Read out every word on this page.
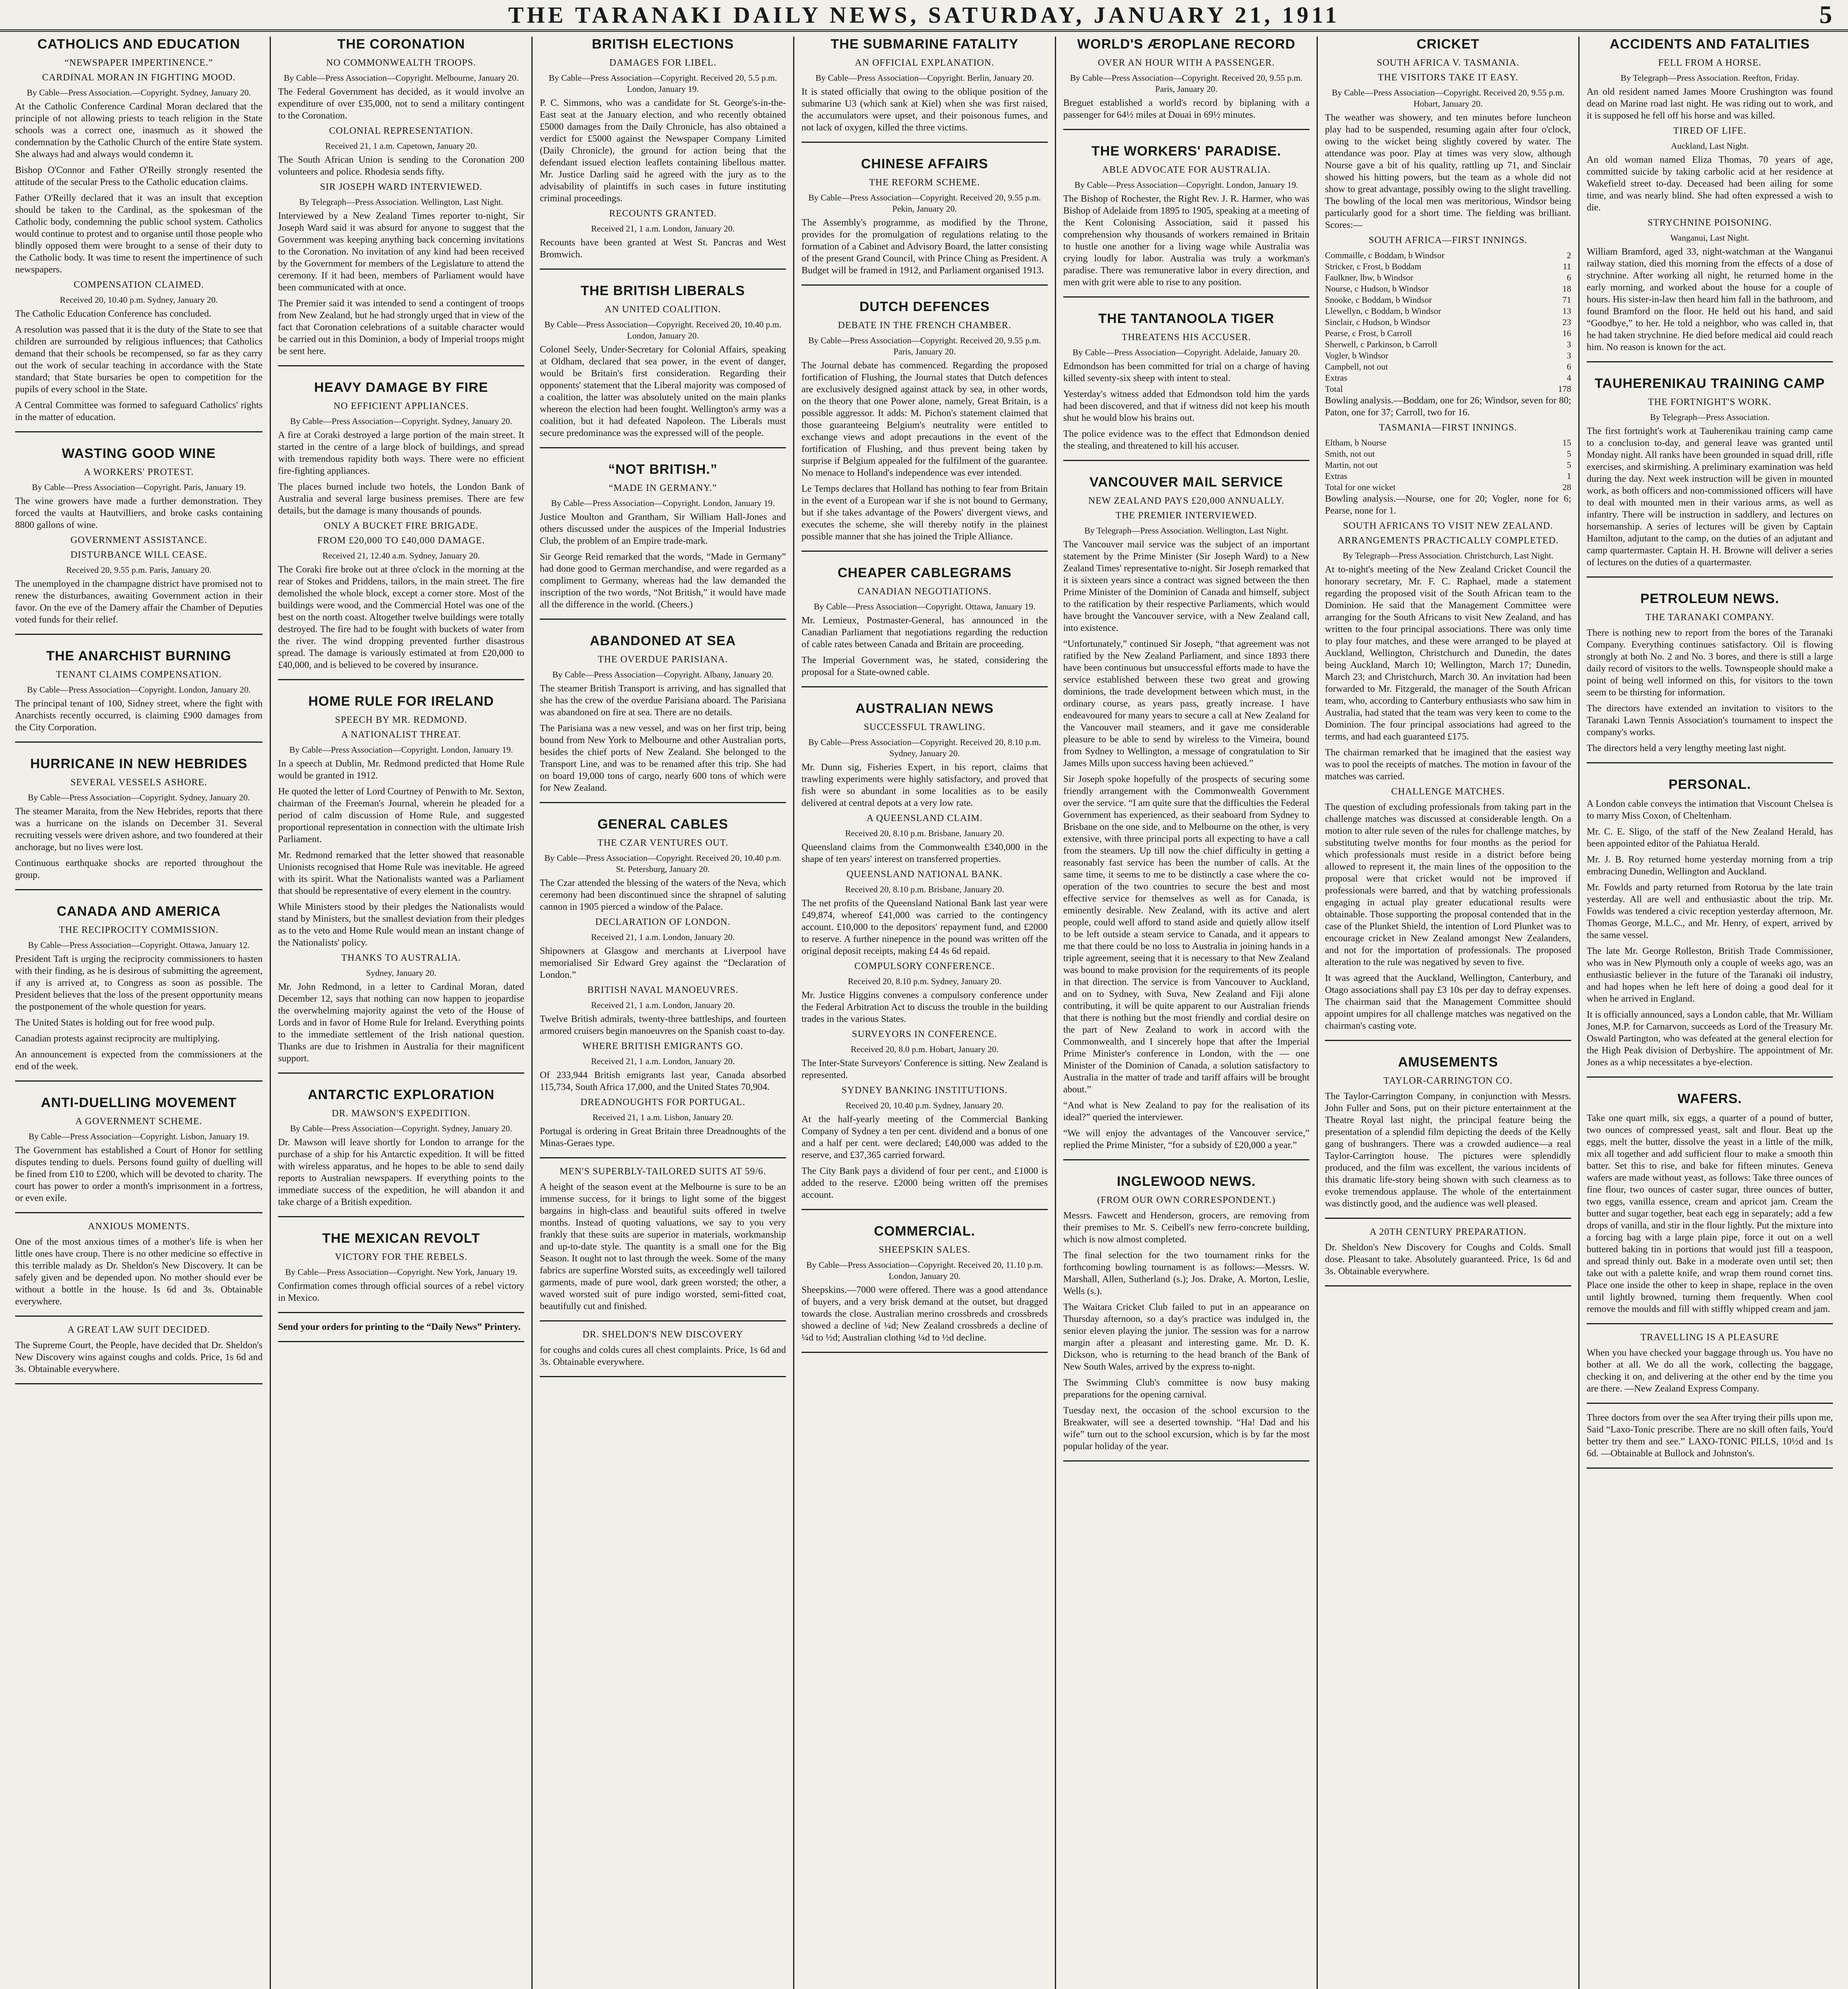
THE TARANAKI DAILY NEWS, SATURDAY, JANUARY 21, 1911	5
CATHOLICS AND EDUCATION
“NEWSPAPER IMPERTINENCE.”
CARDINAL MORAN IN FIGHTING MOOD.
By Cable—Press Association.—Copyright. Sydney, January 20.

At the Catholic Conference Cardinal Moran declared that the principle of not allowing priests to teach religion in the State schools was a correct one, inasmuch as it showed the condemnation by the Catholic Church of the entire State system. She always had and always would condemn it.

Bishop O'Connor and Father O'Reilly strongly resented the attitude of the secular Press to the Catholic education claims.

Father O'Reilly declared that it was an insult that exception should be taken to the Cardinal, as the spokesman of the Catholic body, condemning the public school system. Catholics would continue to protest and to organise until those people who blindly opposed them were brought to a sense of their duty to the Catholic body. It was time to resent the impertinence of such newspapers.

COMPENSATION CLAIMED.
Received 20, 10.40 p.m. Sydney, January 20.

The Catholic Education Conference has concluded.

A resolution was passed that it is the duty of the State to see that children are surrounded by religious influences; that Catholics demand that their schools be recompensed, so far as they carry out the work of secular teaching in accordance with the State standard; that State bursaries be open to competition for the pupils of every school in the State.

A Central Committee was formed to safeguard Catholics' rights in the matter of education.

WASTING GOOD WINE
A WORKERS' PROTEST.
By Cable—Press Association—Copyright. Paris, January 19.

The wine growers have made a further demonstration. They forced the vaults at Hautvilliers, and broke casks containing 8800 gallons of wine.

GOVERNMENT ASSISTANCE.
DISTURBANCE WILL CEASE.
Received 20, 9.55 p.m. Paris, January 20.

The unemployed in the champagne district have promised not to renew the disturbances, awaiting Government action in their favor. On the eve of the Damery affair the Chamber of Deputies voted funds for their relief.

THE ANARCHIST BURNING
TENANT CLAIMS COMPENSATION.
By Cable—Press Association—Copyright. London, January 20.

The principal tenant of 100, Sidney street, where the fight with Anarchists recently occurred, is claiming £900 damages from the City Corporation.

HURRICANE IN NEW HEBRIDES
SEVERAL VESSELS ASHORE.
By Cable—Press Association—Copyright. Sydney, January 20.

The steamer Maraita, from the New Hebrides, reports that there was a hurricane on the islands on December 31. Several recruiting vessels were driven ashore, and two foundered at their anchorage, but no lives were lost.

Continuous earthquake shocks are reported throughout the group.

CANADA AND AMERICA
THE RECIPROCITY COMMISSION.
By Cable—Press Association—Copyright. Ottawa, January 12.

President Taft is urging the reciprocity commissioners to hasten with their finding, as he is desirous of submitting the agreement, if any is arrived at, to Congress as soon as possible. The President believes that the loss of the present opportunity means the postponement of the whole question for years.

The United States is holding out for free wood pulp.

Canadian protests against reciprocity are multiplying.

An announcement is expected from the commissioners at the end of the week.

ANTI-DUELLING MOVEMENT
A GOVERNMENT SCHEME.
By Cable—Press Association—Copyright. Lisbon, January 19.

The Government has established a Court of Honor for settling disputes tending to duels. Persons found guilty of duelling will be fined from £10 to £200, which will be devoted to charity. The court has power to order a month's imprisonment in a fortress, or even exile.

ANXIOUS MOMENTS.

One of the most anxious times of a mother's life is when her little ones have croup. There is no other medicine so effective in this terrible malady as Dr. Sheldon's New Discovery. It can be safely given and be depended upon. No mother should ever be without a bottle in the house. Is 6d and 3s. Obtainable everywhere.

A GREAT LAW SUIT DECIDED.

The Supreme Court, the People, have decided that Dr. Sheldon's New Discovery wins against coughs and colds. Price, 1s 6d and 3s. Obtainable everywhere.

THE CORONATION
NO COMMONWEALTH TROOPS.
By Cable—Press Association—Copyright. Melbourne, January 20.

The Federal Government has decided, as it would involve an expenditure of over £35,000, not to send a military contingent to the Coronation.

COLONIAL REPRESENTATION.
Received 21, 1 a.m. Capetown, January 20.

The South African Union is sending to the Coronation 200 volunteers and police. Rhodesia sends fifty.

SIR JOSEPH WARD INTERVIEWED.
By Telegraph—Press Association. Wellington, Last Night.

Interviewed by a New Zealand Times reporter to-night, Sir Joseph Ward said it was absurd for anyone to suggest that the Government was keeping anything back concerning invitations to the Coronation. No invitation of any kind had been received by the Government for members of the Legislature to attend the ceremony. If it had been, members of Parliament would have been communicated with at once.

The Premier said it was intended to send a contingent of troops from New Zealand, but he had strongly urged that in view of the fact that Coronation celebrations of a suitable character would be carried out in this Dominion, a body of Imperial troops might be sent here.

HEAVY DAMAGE BY FIRE
NO EFFICIENT APPLIANCES.
By Cable—Press Association—Copyright. Sydney, January 20.

A fire at Coraki destroyed a large portion of the main street. It started in the centre of a large block of buildings, and spread with tremendous rapidity both ways. There were no efficient fire-fighting appliances.

The places burned include two hotels, the London Bank of Australia and several large business premises. There are few details, but the damage is many thousands of pounds.

ONLY A BUCKET FIRE BRIGADE.
FROM £20,000 TO £40,000 DAMAGE.
Received 21, 12.40 a.m. Sydney, January 20.

The Coraki fire broke out at three o'clock in the morning at the rear of Stokes and Priddens, tailors, in the main street. The fire demolished the whole block, except a corner store. Most of the buildings were wood, and the Commercial Hotel was one of the best on the north coast. Altogether twelve buildings were totally destroyed. The fire had to be fought with buckets of water from the river. The wind dropping prevented further disastrous spread. The damage is variously estimated at from £20,000 to £40,000, and is believed to be covered by insurance.

HOME RULE FOR IRELAND
SPEECH BY MR. REDMOND.
A NATIONALIST THREAT.
By Cable—Press Association—Copyright. London, January 19.

In a speech at Dublin, Mr. Redmond predicted that Home Rule would be granted in 1912.

He quoted the letter of Lord Courtney of Penwith to Mr. Sexton, chairman of the Freeman's Journal, wherein he pleaded for a period of calm discussion of Home Rule, and suggested proportional representation in connection with the ultimate Irish Parliament.

Mr. Redmond remarked that the letter showed that reasonable Unionists recognised that Home Rule was inevitable. He agreed with its spirit. What the Nationalists wanted was a Parliament that should be representative of every element in the country.

While Ministers stood by their pledges the Nationalists would stand by Ministers, but the smallest deviation from their pledges as to the veto and Home Rule would mean an instant change of the Nationalists' policy.

THANKS TO AUSTRALIA.
Sydney, January 20.

Mr. John Redmond, in a letter to Cardinal Moran, dated December 12, says that nothing can now happen to jeopardise the overwhelming majority against the veto of the House of Lords and in favor of Home Rule for Ireland. Everything points to the immediate settlement of the Irish national question. Thanks are due to Irishmen in Australia for their magnificent support.

ANTARCTIC EXPLORATION
DR. MAWSON'S EXPEDITION.
By Cable—Press Association—Copyright. Sydney, January 20.

Dr. Mawson will leave shortly for London to arrange for the purchase of a ship for his Antarctic expedition. It will be fitted with wireless apparatus, and he hopes to be able to send daily reports to Australian newspapers. If everything points to the immediate success of the expedition, he will abandon it and take charge of a British expedition.

THE MEXICAN REVOLT
VICTORY FOR THE REBELS.
By Cable—Press Association—Copyright. New York, January 19.

Confirmation comes through official sources of a rebel victory in Mexico.

Send your orders for printing to the “Daily News” Printery.
BRITISH ELECTIONS
DAMAGES FOR LIBEL.
By Cable—Press Association—Copyright. Received 20, 5.5 p.m. London, January 19.

P. C. Simmons, who was a candidate for St. George's-in-the-East seat at the January election, and who recently obtained £5000 damages from the Daily Chronicle, has also obtained a verdict for £5000 against the Newspaper Company Limited (Daily Chronicle), the ground for action being that the defendant issued election leaflets containing libellous matter. Mr. Justice Darling said he agreed with the jury as to the advisability of plaintiffs in such cases in future instituting criminal proceedings.

RECOUNTS GRANTED.
Received 21, 1 a.m. London, January 20.

Recounts have been granted at West St. Pancras and West Bromwich.

THE BRITISH LIBERALS
AN UNITED COALITION.
By Cable—Press Association—Copyright. Received 20, 10.40 p.m. London, January 20.

Colonel Seely, Under-Secretary for Colonial Affairs, speaking at Oldham, declared that sea power, in the event of danger, would be Britain's first consideration. Regarding their opponents' statement that the Liberal majority was composed of a coalition, the latter was absolutely united on the main planks whereon the election had been fought. Wellington's army was a coalition, but it had defeated Napoleon. The Liberals must secure predominance was the expressed will of the people.

“NOT BRITISH.”
“MADE IN GERMANY.”
By Cable—Press Association—Copyright. London, January 19.

Justice Moulton and Grantham, Sir William Hall-Jones and others discussed under the auspices of the Imperial Industries Club, the problem of an Empire trade-mark.

Sir George Reid remarked that the words, “Made in Germany” had done good to German merchandise, and were regarded as a compliment to Germany, whereas had the law demanded the inscription of the two words, “Not British,” it would have made all the difference in the world. (Cheers.)

ABANDONED AT SEA
THE OVERDUE PARISIANA.
By Cable—Press Association—Copyright. Albany, January 20.

The steamer British Transport is arriving, and has signalled that she has the crew of the overdue Parisiana aboard. The Parisiana was abandoned on fire at sea. There are no details.

The Parisiana was a new vessel, and was on her first trip, being bound from New York to Melbourne and other Australian ports, besides the chief ports of New Zealand. She belonged to the Transport Line, and was to be renamed after this trip. She had on board 19,000 tons of cargo, nearly 600 tons of which were for New Zealand.

GENERAL CABLES
THE CZAR VENTURES OUT.
By Cable—Press Association—Copyright. Received 20, 10.40 p.m. St. Petersburg, January 20.

The Czar attended the blessing of the waters of the Neva, which ceremony had been discontinued since the shrapnel of saluting cannon in 1905 pierced a window of the Palace.

DECLARATION OF LONDON.
Received 21, 1 a.m. London, January 20.

Shipowners at Glasgow and merchants at Liverpool have memorialised Sir Edward Grey against the “Declaration of London.”

BRITISH NAVAL MANOEUVRES.
Received 21, 1 a.m. London, January 20.

Twelve British admirals, twenty-three battleships, and fourteen armored cruisers begin manoeuvres on the Spanish coast to-day.

WHERE BRITISH EMIGRANTS GO.
Received 21, 1 a.m. London, January 20.

Of 233,944 British emigrants last year, Canada absorbed 115,734, South Africa 17,000, and the United States 70,904.

DREADNOUGHTS FOR PORTUGAL.
Received 21, 1 a.m. Lisbon, January 20.

Portugal is ordering in Great Britain three Dreadnoughts of the Minas-Geraes type.

MEN'S SUPERBLY-TAILORED SUITS AT 59/6.

A height of the season event at the Melbourne is sure to be an immense success, for it brings to light some of the biggest bargains in high-class and beautiful suits offered in twelve months. Instead of quoting valuations, we say to you very frankly that these suits are superior in materials, workmanship and up-to-date style. The quantity is a small one for the Big Season. It ought not to last through the week. Some of the many fabrics are superfine Worsted suits, as exceedingly well tailored garments, made of pure wool, dark green worsted; the other, a waved worsted suit of pure indigo worsted, semi-fitted coat, beautifully cut and finished.

DR. SHELDON'S NEW DISCOVERY

for coughs and colds cures all chest complaints. Price, 1s 6d and 3s. Obtainable everywhere.

THE SUBMARINE FATALITY
AN OFFICIAL EXPLANATION.
By Cable—Press Association—Copyright. Berlin, January 20.

It is stated officially that owing to the oblique position of the submarine U3 (which sank at Kiel) when she was first raised, the accumulators were upset, and their poisonous fumes, and not lack of oxygen, killed the three victims.

CHINESE AFFAIRS
THE REFORM SCHEME.
By Cable—Press Association—Copyright. Received 20, 9.55 p.m. Pekin, January 20.

The Assembly's programme, as modified by the Throne, provides for the promulgation of regulations relating to the formation of a Cabinet and Advisory Board, the latter consisting of the present Grand Council, with Prince Ching as President. A Budget will be framed in 1912, and Parliament organised 1913.

DUTCH DEFENCES
DEBATE IN THE FRENCH CHAMBER.
By Cable—Press Association—Copyright. Received 20, 9.55 p.m. Paris, January 20.

The Journal debate has commenced. Regarding the proposed fortification of Flushing, the Journal states that Dutch defences are exclusively designed against attack by sea, in other words, on the theory that one Power alone, namely, Great Britain, is a possible aggressor. It adds: M. Pichon's statement claimed that those guaranteeing Belgium's neutrality were entitled to exchange views and adopt precautions in the event of the fortification of Flushing, and thus prevent being taken by surprise if Belgium appealed for the fulfilment of the guarantee. No menace to Holland's independence was ever intended.

Le Temps declares that Holland has nothing to fear from Britain in the event of a European war if she is not bound to Germany, but if she takes advantage of the Powers' divergent views, and executes the scheme, she will thereby notify in the plainest possible manner that she has joined the Triple Alliance.

CHEAPER CABLEGRAMS
CANADIAN NEGOTIATIONS.
By Cable—Press Association—Copyright. Ottawa, January 19.

Mr. Lemieux, Postmaster-General, has announced in the Canadian Parliament that negotiations regarding the reduction of cable rates between Canada and Britain are proceeding.

The Imperial Government was, he stated, considering the proposal for a State-owned cable.

AUSTRALIAN NEWS
SUCCESSFUL TRAWLING.
By Cable—Press Association—Copyright. Received 20, 8.10 p.m. Sydney, January 20.

Mr. Dunn sig, Fisheries Expert, in his report, claims that trawling experiments were highly satisfactory, and proved that fish were so abundant in some localities as to be easily delivered at central depots at a very low rate.

A QUEENSLAND CLAIM.
Received 20, 8.10 p.m. Brisbane, January 20.

Queensland claims from the Commonwealth £340,000 in the shape of ten years' interest on transferred properties.

QUEENSLAND NATIONAL BANK.
Received 20, 8.10 p.m. Brisbane, January 20.

The net profits of the Queensland National Bank last year were £49,874, whereof £41,000 was carried to the contingency account. £10,000 to the depositors' repayment fund, and £2000 to reserve. A further ninepence in the pound was written off the original deposit receipts, making £4 4s 6d repaid.

COMPULSORY CONFERENCE.
Received 20, 8.10 p.m. Sydney, January 20.

Mr. Justice Higgins convenes a compulsory conference under the Federal Arbitration Act to discuss the trouble in the building trades in the various States.

SURVEYORS IN CONFERENCE.
Received 20, 8.0 p.m. Hobart, January 20.

The Inter-State Surveyors' Conference is sitting. New Zealand is represented.

SYDNEY BANKING INSTITUTIONS.
Received 20, 10.40 p.m. Sydney, January 20.

At the half-yearly meeting of the Commercial Banking Company of Sydney a ten per cent. dividend and a bonus of one and a half per cent. were declared; £40,000 was added to the reserve, and £37,365 carried forward.

The City Bank pays a dividend of four per cent., and £1000 is added to the reserve. £2000 being written off the premises account.

COMMERCIAL.
SHEEPSKIN SALES.
By Cable—Press Association—Copyright. Received 20, 11.10 p.m. London, January 20.

Sheepskins.—7000 were offered. There was a good attendance of buyers, and a very brisk demand at the outset, but dragged towards the close. Australian merino crossbreds and crossbreds showed a decline of ¼d; New Zealand crossbreds a decline of ¼d to ½d; Australian clothing ¼d to ½d decline.

WORLD'S ÆROPLANE RECORD
OVER AN HOUR WITH A PASSENGER.
By Cable—Press Association—Copyright. Received 20, 9.55 p.m. Paris, January 20.

Breguet established a world's record by biplaning with a passenger for 64½ miles at Douai in 69½ minutes.

THE WORKERS' PARADISE.
ABLE ADVOCATE FOR AUSTRALIA.
By Cable—Press Association—Copyright. London, January 19.

The Bishop of Rochester, the Right Rev. J. R. Harmer, who was Bishop of Adelaide from 1895 to 1905, speaking at a meeting of the Kent Colonising Association, said it passed his comprehension why thousands of workers remained in Britain to hustle one another for a living wage while Australia was crying loudly for labor. Australia was truly a workman's paradise. There was remunerative labor in every direction, and men with grit were able to rise to any position.

THE TANTANOOLA TIGER
THREATENS HIS ACCUSER.
By Cable—Press Association—Copyright. Adelaide, January 20.

Edmondson has been committed for trial on a charge of having killed seventy-six sheep with intent to steal.

Yesterday's witness added that Edmondson told him the yards had been discovered, and that if witness did not keep his mouth shut he would blow his brains out.

The police evidence was to the effect that Edmondson denied the stealing, and threatened to kill his accuser.

VANCOUVER MAIL SERVICE
NEW ZEALAND PAYS £20,000 ANNUALLY.
THE PREMIER INTERVIEWED.
By Telegraph—Press Association. Wellington, Last Night.

The Vancouver mail service was the subject of an important statement by the Prime Minister (Sir Joseph Ward) to a New Zealand Times' representative to-night. Sir Joseph remarked that it is sixteen years since a contract was signed between the then Prime Minister of the Dominion of Canada and himself, subject to the ratification by their respective Parliaments, which would have brought the Vancouver service, with a New Zealand call, into existence.

“Unfortunately,” continued Sir Joseph, “that agreement was not ratified by the New Zealand Parliament, and since 1893 there have been continuous but unsuccessful efforts made to have the service established between these two great and growing dominions, the trade development between which must, in the ordinary course, as years pass, greatly increase. I have endeavoured for many years to secure a call at New Zealand for the Vancouver mail steamers, and it gave me considerable pleasure to be able to send by wireless to the Vimeira, bound from Sydney to Wellington, a message of congratulation to Sir James Mills upon success having been achieved.”

Sir Joseph spoke hopefully of the prospects of securing some friendly arrangement with the Commonwealth Government over the service. “I am quite sure that the difficulties the Federal Government has experienced, as their seaboard from Sydney to Brisbane on the one side, and to Melbourne on the other, is very extensive, with three principal ports all expecting to have a call from the steamers. Up till now the chief difficulty in getting a reasonably fast service has been the number of calls. At the same time, it seems to me to be distinctly a case where the co-operation of the two countries to secure the best and most effective service for themselves as well as for Canada, is eminently desirable. New Zealand, with its active and alert people, could well afford to stand aside and quietly allow itself to be left outside a steam service to Canada, and it appears to me that there could be no loss to Australia in joining hands in a triple agreement, seeing that it is necessary to that New Zealand was bound to make provision for the requirements of its people in that direction. The service is from Vancouver to Auckland, and on to Sydney, with Suva, New Zealand and Fiji alone contributing, it will be quite apparent to our Australian friends that there is nothing but the most friendly and cordial desire on the part of New Zealand to work in accord with the Commonwealth, and I sincerely hope that after the Imperial Prime Minister's conference in London, with the — one Minister of the Dominion of Canada, a solution satisfactory to Australia in the matter of trade and tariff affairs will be brought about.”

“And what is New Zealand to pay for the realisation of its ideal?” queried the interviewer.

“We will enjoy the advantages of the Vancouver service,” replied the Prime Minister, “for a subsidy of £20,000 a year.”

INGLEWOOD NEWS.
(FROM OUR OWN CORRESPONDENT.)

Messrs. Fawcett and Henderson, grocers, are removing from their premises to Mr. S. Ceibell's new ferro-concrete building, which is now almost completed.

The final selection for the two tournament rinks for the forthcoming bowling tournament is as follows:—Messrs. W. Marshall, Allen, Sutherland (s.); Jos. Drake, A. Morton, Leslie, Wells (s.).

The Waitara Cricket Club failed to put in an appearance on Thursday afternoon, so a day's practice was indulged in, the senior eleven playing the junior. The session was for a narrow margin after a pleasant and interesting game. Mr. D. K. Dickson, who is returning to the head branch of the Bank of New South Wales, arrived by the express to-night.

The Swimming Club's committee is now busy making preparations for the opening carnival.

Tuesday next, the occasion of the school excursion to the Breakwater, will see a deserted township. “Ha! Dad and his wife” turn out to the school excursion, which is by far the most popular holiday of the year.

CRICKET
SOUTH AFRICA V. TASMANIA.
THE VISITORS TAKE IT EASY.
By Cable—Press Association—Copyright. Received 20, 9.55 p.m. Hobart, January 20.

The weather was showery, and ten minutes before luncheon play had to be suspended, resuming again after four o'clock, owing to the wicket being slightly covered by water. The attendance was poor. Play at times was very slow, although Nourse gave a bit of his quality, rattling up 71, and Sinclair showed his hitting powers, but the team as a whole did not show to great advantage, possibly owing to the slight travelling. The bowling of the local men was meritorious, Windsor being particularly good for a short time. The fielding was brilliant. Scores:—

SOUTH AFRICA—FIRST INNINGS.
Commaille, c Boddam, b Windsor	2
Stricker, c Frost, b Boddam	11
Faulkner, lbw, b Windsor	6
Nourse, c Hudson, b Windsor	18
Snooke, c Boddam, b Windsor	71
Llewellyn, c Boddam, b Windsor	13
Sinclair, c Hudson, b Windsor	23
Pearse, c Frost, b Carroll	16
Sherwell, c Parkinson, b Carroll	3
Vogler, b Windsor	3
Campbell, not out	6
Extras	4
Total	178

Bowling analysis.—Boddam, one for 26; Windsor, seven for 80; Paton, one for 37; Carroll, two for 16.

TASMANIA—FIRST INNINGS.
Eltham, b Nourse	15
Smith, not out	5
Martin, not out	5
Extras	1
Total for one wicket	28

Bowling analysis.—Nourse, one for 20; Vogler, none for 6; Pearse, none for 1.

SOUTH AFRICANS TO VISIT NEW ZEALAND.
ARRANGEMENTS PRACTICALLY COMPLETED.
By Telegraph—Press Association. Christchurch, Last Night.

At to-night's meeting of the New Zealand Cricket Council the honorary secretary, Mr. F. C. Raphael, made a statement regarding the proposed visit of the South African team to the Dominion. He said that the Management Committee were arranging for the South Africans to visit New Zealand, and has written to the four principal associations. There was only time to play four matches, and these were arranged to be played at Auckland, Wellington, Christchurch and Dunedin, the dates being Auckland, March 10; Wellington, March 17; Dunedin, March 23; and Christchurch, March 30. An invitation had been forwarded to Mr. Fitzgerald, the manager of the South African team, who, according to Canterbury enthusiasts who saw him in Australia, had stated that the team was very keen to come to the Dominion. The four principal associations had agreed to the terms, and had each guaranteed £175.

The chairman remarked that he imagined that the easiest way was to pool the receipts of matches. The motion in favour of the matches was carried.

CHALLENGE MATCHES.

The question of excluding professionals from taking part in the challenge matches was discussed at considerable length. On a motion to alter rule seven of the rules for challenge matches, by substituting twelve months for four months as the period for which professionals must reside in a district before being allowed to represent it, the main lines of the opposition to the proposal were that cricket would not be improved if professionals were barred, and that by watching professionals engaging in actual play greater educational results were obtainable. Those supporting the proposal contended that in the case of the Plunket Shield, the intention of Lord Plunket was to encourage cricket in New Zealand amongst New Zealanders, and not for the importation of professionals. The proposed alteration to the rule was negatived by seven to five.

It was agreed that the Auckland, Wellington, Canterbury, and Otago associations shall pay £3 10s per day to defray expenses. The chairman said that the Management Committee should appoint umpires for all challenge matches was negatived on the chairman's casting vote.

AMUSEMENTS
TAYLOR-CARRINGTON CO.

The Taylor-Carrington Company, in conjunction with Messrs. John Fuller and Sons, put on their picture entertainment at the Theatre Royal last night, the principal feature being the presentation of a splendid film depicting the deeds of the Kelly gang of bushrangers. There was a crowded audience—a real Taylor-Carrington house. The pictures were splendidly produced, and the film was excellent, the various incidents of this dramatic life-story being shown with such clearness as to evoke tremendous applause. The whole of the entertainment was distinctly good, and the audience was well pleased.

A 20TH CENTURY PREPARATION.

Dr. Sheldon's New Discovery for Coughs and Colds. Small dose. Pleasant to take. Absolutely guaranteed. Price, 1s 6d and 3s. Obtainable everywhere.

ACCIDENTS AND FATALITIES
FELL FROM A HORSE.
By Telegraph—Press Association. Reefton, Friday.

An old resident named James Moore Crushington was found dead on Marine road last night. He was riding out to work, and it is supposed he fell off his horse and was killed.

TIRED OF LIFE.
Auckland, Last Night.

An old woman named Eliza Thomas, 70 years of age, committed suicide by taking carbolic acid at her residence at Wakefield street to-day. Deceased had been ailing for some time, and was nearly blind. She had often expressed a wish to die.

STRYCHNINE POISONING.
Wanganui, Last Night.

William Bramford, aged 33, night-watchman at the Wanganui railway station, died this morning from the effects of a dose of strychnine. After working all night, he returned home in the early morning, and worked about the house for a couple of hours. His sister-in-law then heard him fall in the bathroom, and found Bramford on the floor. He held out his hand, and said “Goodbye,” to her. He told a neighbor, who was called in, that he had taken strychnine. He died before medical aid could reach him. No reason is known for the act.

TAUHERENIKAU TRAINING CAMP
THE FORTNIGHT'S WORK.
By Telegraph—Press Association.

The first fortnight's work at Tauherenikau training camp came to a conclusion to-day, and general leave was granted until Monday night. All ranks have been grounded in squad drill, rifle exercises, and skirmishing. A preliminary examination was held during the day. Next week instruction will be given in mounted work, as both officers and non-commissioned officers will have to deal with mounted men in their various arms, as well as infantry. There will be instruction in saddlery, and lectures on horsemanship. A series of lectures will be given by Captain Hamilton, adjutant to the camp, on the duties of an adjutant and camp quartermaster. Captain H. H. Browne will deliver a series of lectures on the duties of a quartermaster.

PETROLEUM NEWS.
THE TARANAKI COMPANY.

There is nothing new to report from the bores of the Taranaki Company. Everything continues satisfactory. Oil is flowing strongly at both No. 2 and No. 3 bores, and there is still a large daily record of visitors to the wells. Townspeople should make a point of being well informed on this, for visitors to the town seem to be thirsting for information.

The directors have extended an invitation to visitors to the Taranaki Lawn Tennis Association's tournament to inspect the company's works.

The directors held a very lengthy meeting last night.

PERSONAL.

A London cable conveys the intimation that Viscount Chelsea is to marry Miss Coxon, of Cheltenham.

Mr. C. E. Sligo, of the staff of the New Zealand Herald, has been appointed editor of the Pahiatua Herald.

Mr. J. B. Roy returned home yesterday morning from a trip embracing Dunedin, Wellington and Auckland.

Mr. Fowlds and party returned from Rotorua by the late train yesterday. All are well and enthusiastic about the trip. Mr. Fowlds was tendered a civic reception yesterday afternoon, Mr. Thomas George, M.L.C., and Mr. Henry, of expert, arrived by the same vessel.

The late Mr. George Rolleston, British Trade Commissioner, who was in New Plymouth only a couple of weeks ago, was an enthusiastic believer in the future of the Taranaki oil industry, and had hopes when he left here of doing a good deal for it when he arrived in England.

It is officially announced, says a London cable, that Mr. William Jones, M.P. for Carnarvon, succeeds as Lord of the Treasury Mr. Oswald Partington, who was defeated at the general election for the High Peak division of Derbyshire. The appointment of Mr. Jones as a whip necessitates a bye-election.

WAFERS.

Take one quart milk, six eggs, a quarter of a pound of butter, two ounces of compressed yeast, salt and flour. Beat up the eggs, melt the butter, dissolve the yeast in a little of the milk, mix all together and add sufficient flour to make a smooth thin batter. Set this to rise, and bake for fifteen minutes. Geneva wafers are made without yeast, as follows: Take three ounces of fine flour, two ounces of caster sugar, three ounces of butter, two eggs, vanilla essence, cream and apricot jam. Cream the butter and sugar together, beat each egg in separately; add a few drops of vanilla, and stir in the flour lightly. Put the mixture into a forcing bag with a large plain pipe, force it out on a well buttered baking tin in portions that would just fill a teaspoon, and spread thinly out. Bake in a moderate oven until set; then take out with a palette knife, and wrap them round cornet tins. Place one inside the other to keep in shape, replace in the oven until lightly browned, turning them frequently. When cool remove the moulds and fill with stiffly whipped cream and jam.

TRAVELLING IS A PLEASURE

When you have checked your baggage through us. You have no bother at all. We do all the work, collecting the baggage, checking it on, and delivering at the other end by the time you are there. —New Zealand Express Company.

Three doctors from over the sea After trying their pills upon me, Said “Laxo-Tonic prescribe. There are no skill often fails, You'd better try them and see.” LAXO-TONIC PILLS, 10½d and 1s 6d. —Obtainable at Bullock and Johnston's.
